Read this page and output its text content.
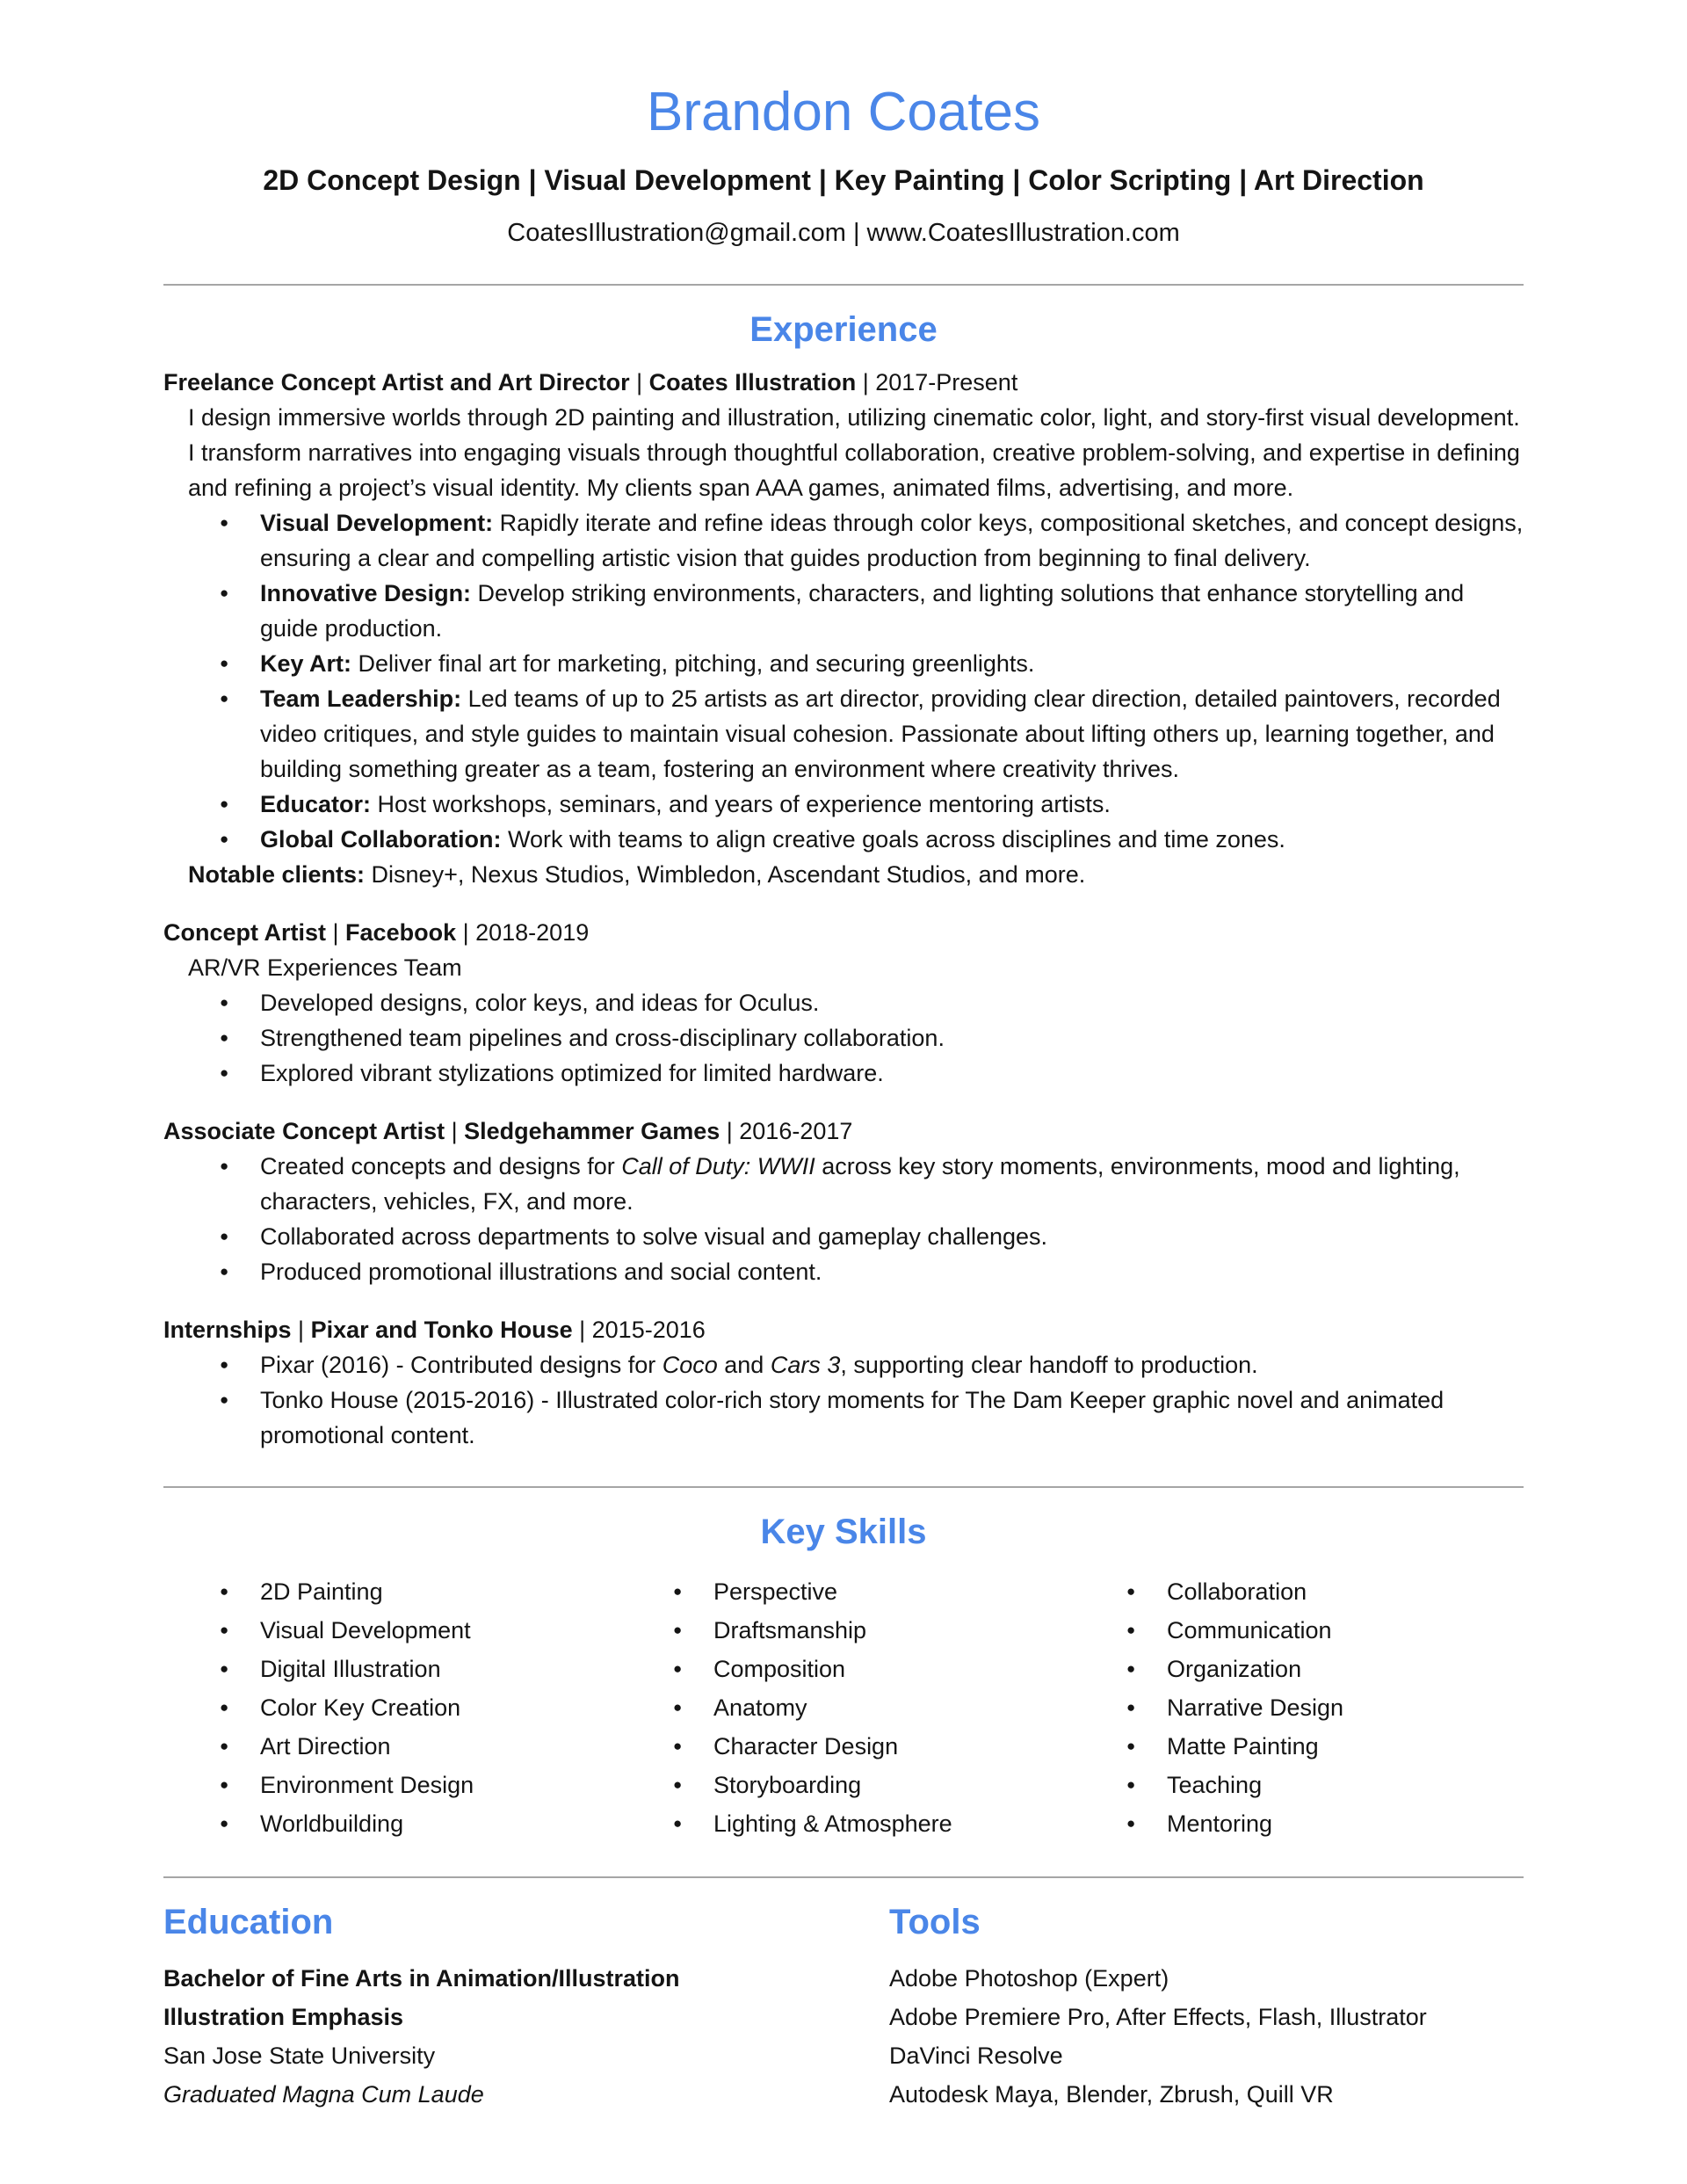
Brandon Coates

2D Concept Design | Visual Development | Key Painting | Color Scripting | Art Direction

CoatesIllustration@gmail.com | www.CoatesIllustration.com

Experience
Freelance Concept Artist and Art Director | Coates Illustration | 2017-Present

I design immersive worlds through 2D painting and illustration, utilizing cinematic color, light, and story-first visual development. I transform narratives into engaging visuals through thoughtful collaboration, creative problem-solving, and expertise in defining and refining a project’s visual identity. My clients span AAA games, animated films, advertising, and more.

● Visual Development: Rapidly iterate and refine ideas through color keys, compositional sketches, and concept designs, ensuring a clear and compelling artistic vision that guides production from beginning to final delivery.
● Innovative Design: Develop striking environments, characters, and lighting solutions that enhance storytelling and guide production.
● Key Art: Deliver final art for marketing, pitching, and securing greenlights.
● Team Leadership: Led teams of up to 25 artists as art director, providing clear direction, detailed paintovers, recorded video critiques, and style guides to maintain visual cohesion. Passionate about lifting others up, learning together, and building something greater as a team, fostering an environment where creativity thrives.
● Educator: Host workshops, seminars, and years of experience mentoring artists.
● Global Collaboration: Work with teams to align creative goals across disciplines and time zones.

Notable clients: Disney+, Nexus Studios, Wimbledon, Ascendant Studios, and more.

Concept Artist | Facebook | 2018-2019

AR/VR Experiences Team

● Developed designs, color keys, and ideas for Oculus.
● Strengthened team pipelines and cross-disciplinary collaboration.
● Explored vibrant stylizations optimized for limited hardware.
Associate Concept Artist | Sledgehammer Games | 2016-2017
● Created concepts and designs for Call of Duty: WWII across key story moments, environments, mood and lighting, characters, vehicles, FX, and more.
● Collaborated across departments to solve visual and gameplay challenges.
● Produced promotional illustrations and social content.
Internships | Pixar and Tonko House | 2015-2016
● Pixar (2016) - Contributed designs for Coco and Cars 3, supporting clear handoff to production.
● Tonko House (2015-2016) - Illustrated color-rich story moments for The Dam Keeper graphic novel and animated promotional content.
Key Skills
● 2D Painting
● Visual Development
● Digital Illustration
● Color Key Creation
● Art Direction
● Environment Design
● Worldbuilding
● Perspective
● Draftsmanship
● Composition
● Anatomy
● Character Design
● Storyboarding
● Lighting & Atmosphere
● Collaboration
● Communication
● Organization
● Narrative Design
● Matte Painting
● Teaching
● Mentoring
Education

Bachelor of Fine Arts in Animation/Illustration

Illustration Emphasis

San Jose State University

Graduated Magna Cum Laude

Tools

Adobe Photoshop (Expert)

Adobe Premiere Pro, After Effects, Flash, Illustrator

DaVinci Resolve

Autodesk Maya, Blender, Zbrush, Quill VR
